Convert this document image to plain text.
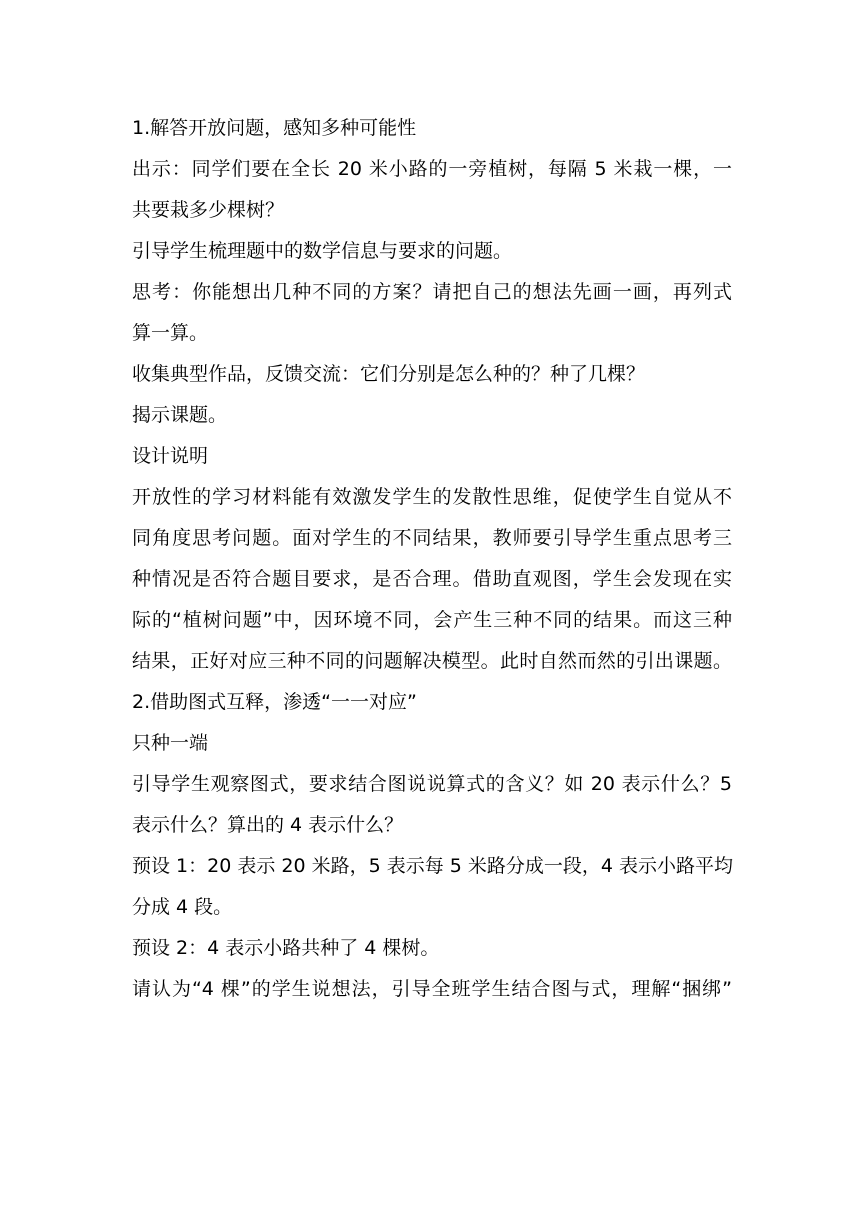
1.解答开放问题，感知多种可能性

出示：同学们要在全长 20 米小路的一旁植树，每隔 5 米栽一棵，一

共要栽多少棵树？

引导学生梳理题中的数学信息与要求的问题。

思考：你能想出几种不同的方案？请把自己的想法先画一画，再列式

算一算。

收集典型作品，反馈交流：它们分别是怎么种的？种了几棵？

揭示课题。

设计说明

开放性的学习材料能有效激发学生的发散性思维，促使学生自觉从不

同角度思考问题。面对学生的不同结果，教师要引导学生重点思考三

种情况是否符合题目要求，是否合理。借助直观图，学生会发现在实

际的“植树问题”中，因环境不同，会产生三种不同的结果。而这三种

结果，正好对应三种不同的问题解决模型。此时自然而然的引出课题。

2.借助图式互释，渗透“一一对应”

只种一端

引导学生观察图式，要求结合图说说算式的含义？如 20 表示什么？5

表示什么？算出的 4 表示什么？

预设 1：20 表示 20 米路，5 表示每 5 米路分成一段，4 表示小路平均

分成 4 段。

预设 2：4 表示小路共种了 4 棵树。

请认为“4 棵”的学生说想法，引导全班学生结合图与式，理解“捆绑”
